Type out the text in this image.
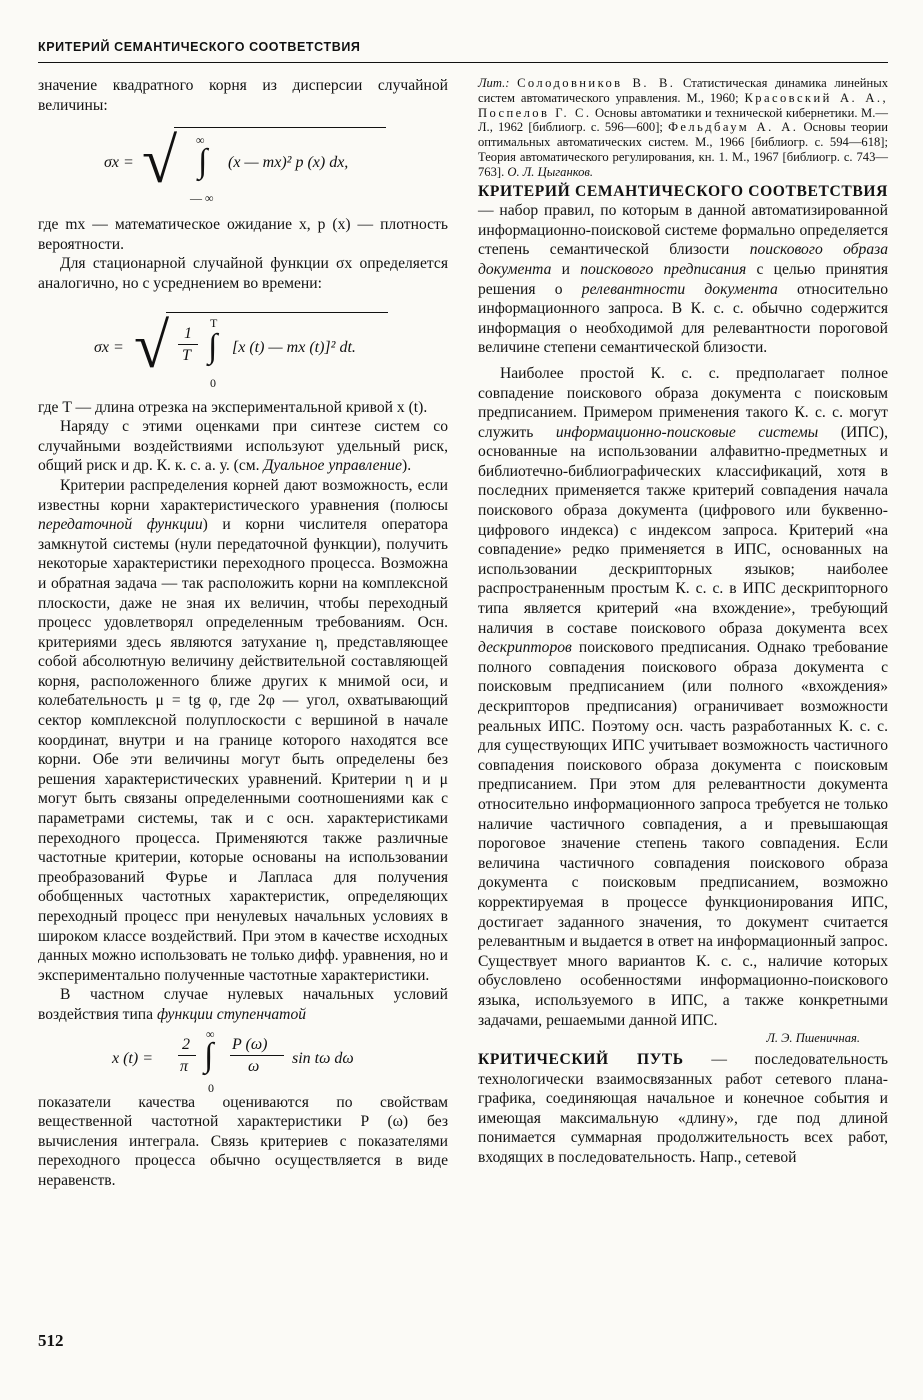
КРИТЕРИЙ СЕМАНТИЧЕСКОГО СООТВЕТСТВИЯ

значение квадратного корня из дисперсии случайной величины:

σx = √ ∞
∫
— ∞
(x — mx)² p (x) dx,

где mx — математическое ожидание x, p (x) — плотность вероятности.

Для стационарной случайной функции σx определяется аналогично, но с усреднением во времени:

σx = √ 1
T
T
∫
0
[x (t) — mx (t)]² dt.

где T — длина отрезка на экспериментальной кривой x (t).

Наряду с этими оценками при синтезе систем со случайными воздействиями используют удельный риск, общий риск и др. К. к. с. а. у. (см. Дуальное управление).

Критерии распределения корней дают возможность, если известны корни характеристического уравнения (полюсы передаточной функции) и корни числителя оператора замкнутой системы (нули передаточной функции), получить некоторые характеристики переходного процесса. Возможна и обратная задача — так расположить корни на комплексной плоскости, даже не зная их величин, чтобы переходный процесс удовлетворял определенным требованиям. Осн. критериями здесь являются затухание η, представляющее собой абсолютную величину действительной составляющей корня, расположенного ближе других к мнимой оси, и колебательность μ = tg φ, где 2φ — угол, охватывающий сектор комплексной полуплоскости с вершиной в начале координат, внутри и на границе которого находятся все корни. Обе эти величины могут быть определены без решения характеристических уравнений. Критерии η и μ могут быть связаны определенными соотношениями как с параметрами системы, так и с осн. характеристиками переходного процесса. Применяются также различные частотные критерии, которые основаны на использовании преобразований Фурье и Лапласа для получения обобщенных частотных характеристик, определяющих переходный процесс при ненулевых начальных условиях в широком классе воздействий. При этом в качестве исходных данных можно использовать не только дифф. уравнения, но и экспериментально полученные частотные характеристики.

В частном случае нулевых начальных условий воздействия типа функции ступенчатой

x (t) =
2
π
∞
∫
0
P (ω)
ω sin tω dω

показатели качества оцениваются по свойствам вещественной частотной характеристики P (ω) без вычисления интеграла. Связь критериев с показателями переходного процесса обычно осуществляется в виде неравенств.

Лит.: Солодовников В. В. Статистическая динамика линейных систем автоматического управления. М., 1960; Красовский А. А., Поспелов Г. С. Основы автоматики и технической кибернетики. М.— Л., 1962 [библиогр. с. 596—600]; Фельдбаум А. А. Основы теории оптимальных автоматических систем. М., 1966 [библиогр. с. 594—618]; Теория автоматического регулирования, кн. 1. М., 1967 [библиогр. с. 743—763]. О. Л. Цыганков.

КРИТЕРИЙ СЕМАНТИЧЕСКОГО СООТВЕТСТВИЯ — набор правил, по которым в данной автоматизированной информационно-поисковой системе формально определяется степень семантической близости поискового образа документа и поискового предписания с целью принятия решения о релевантности документа относительно информационного запроса. В К. с. с. обычно содержится информация о необходимой для релевантности пороговой величине степени семантической близости.

Наиболее простой К. с. с. предполагает полное совпадение поискового образа документа с поисковым предписанием. Примером применения такого К. с. с. могут служить информационно-поисковые системы (ИПС), основанные на использовании алфавитно-предметных и библиотечно-библиографических классификаций, хотя в последних применяется также критерий совпадения начала поискового образа документа (цифрового или буквенно-цифрового индекса) с индексом запроса. Критерий «на совпадение» редко применяется в ИПС, основанных на использовании дескрипторных языков; наиболее распространенным простым К. с. с. в ИПС дескрипторного типа является критерий «на вхождение», требующий наличия в составе поискового образа документа всех дескрипторов поискового предписания. Однако требование полного совпадения поискового образа документа с поисковым предписанием (или полного «вхождения» дескрипторов предписания) ограничивает возможности реальных ИПС. Поэтому осн. часть разработанных К. с. с. для существующих ИПС учитывает возможность частичного совпадения поискового образа документа с поисковым предписанием. При этом для релевантности документа относительно информационного запроса требуется не только наличие частичного совпадения, а и превышающая пороговое значение степень такого совпадения. Если величина частичного совпадения поискового образа документа с поисковым предписанием, возможно корректируемая в процессе функционирования ИПС, достигает заданного значения, то документ считается релевантным и выдается в ответ на информационный запрос. Существует много вариантов К. с. с., наличие которых обусловлено особенностями информационно-поискового языка, используемого в ИПС, а также конкретными задачами, решаемыми данной ИПС.

Л. Э. Пшеничная.

КРИТИЧЕСКИЙ ПУТЬ — последовательность технологически взаимосвязанных работ сетевого плана-графика, соединяющая начальное и конечное события и имеющая максимальную «длину», где под длиной понимается суммарная продолжительность всех работ, входящих в последовательность. Напр., сетевой

512
